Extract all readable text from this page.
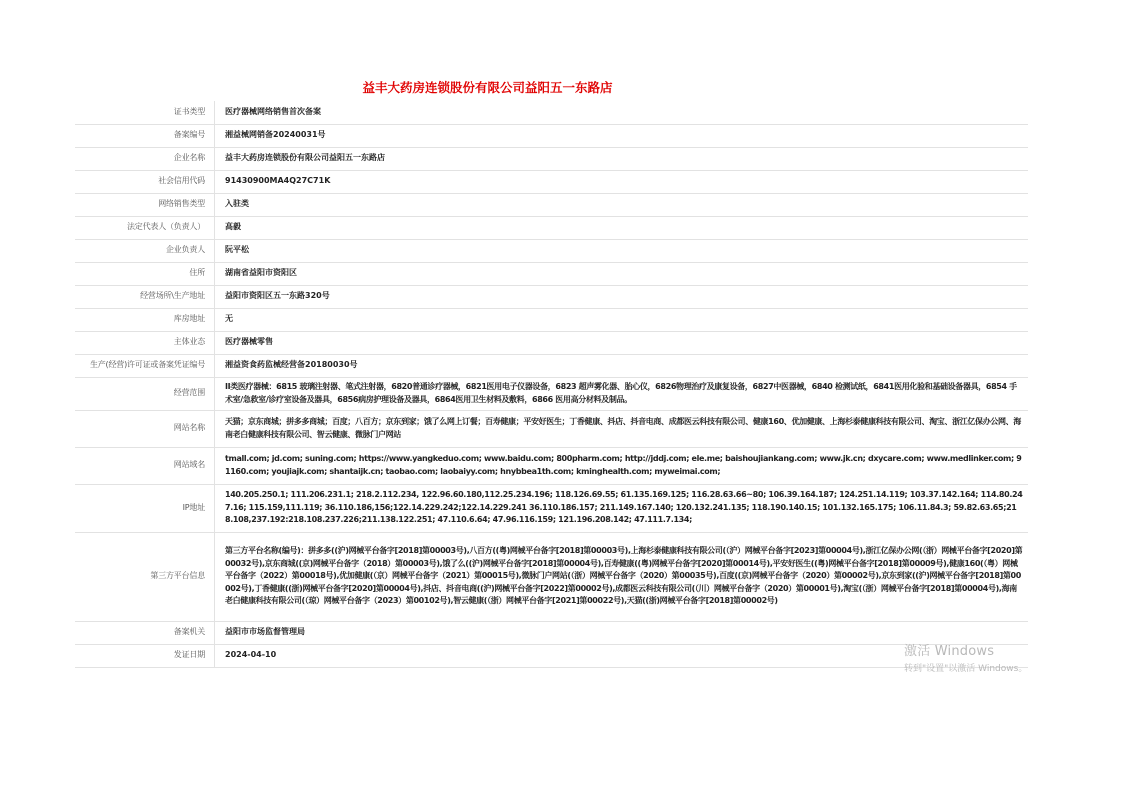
益丰大药房连锁股份有限公司益阳五一东路店
证书类型	医疗器械网络销售首次备案
备案编号	湘益械网销备20240031号
企业名称	益丰大药房连锁股份有限公司益阳五一东路店
社会信用代码	91430900MA4Q27C71K
网络销售类型	入驻类
法定代表人（负责人）	高毅
企业负责人	阮平松
住所	湖南省益阳市资阳区
经营场所\生产地址	益阳市资阳区五一东路320号
库房地址	无
主体业态	医疗器械零售
生产(经营)许可证或备案凭证编号	湘益资食药监械经营备20180030号
经营范围	II类医疗器械：6815 玻璃注射器、笔式注射器，6820普通诊疗器械，6821医用电子仪器设备，6823 超声雾化器、胎心仪，6826物理治疗及康复设备，6827中医器械，6840 检测试纸，6841医用化验和基础设备器具，6854 手术室/急救室/诊疗室设备及器具，6856病房护理设备及器具，6864医用卫生材料及敷料，6866 医用高分材料及制品。
网站名称	天猫；京东商城；拼多多商城；百度；八百方；京东到家；饿了么网上订餐；百寿健康；平安好医生；丁香健康、抖店、抖音电商、成都医云科技有限公司、健康160、优加健康、上海杉泰健康科技有限公司、淘宝、浙江亿保办公网、海南老白健康科技有限公司、智云健康、微脉门户网站
网站域名	tmall.com; jd.com; suning.com; https://www.yangkeduo.com; www.baidu.com; 800pharm.com; http://jddj.com; ele.me; baishoujiankang.com; www.jk.cn; dxycare.com; www.medlinker.com; 91160.com; youjiajk.com; shantaijk.cn; taobao.com; laobaiyy.com; hnybbea1th.com; kminghealth.com; myweimai.com;
IP地址	140.205.250.1; 111.206.231.1; 218.2.112.234, 122.96.60.180,112.25.234.196; 118.126.69.55; 61.135.169.125; 116.28.63.66~80; 106.39.164.187; 124.251.14.119; 103.37.142.164; 114.80.247.16; 115.159,111.119; 36.110.186,156;122.14.229.242;122.14.229.241 36.110.186.157; 211.149.167.140; 120.132.241.135; 118.190.140.15; 101.132.165.175; 106.11.84.3; 59.82.63.65;218.108,237.192:218.108.237.226;211.138.122.251; 47.110.6.64; 47.96.116.159; 121.196.208.142; 47.111.7.134;
第三方平台信息	第三方平台名称(编号)：拼多多((沪)网械平台备字[2018]第00003号),八百方((粤)网械平台备字[2018]第00003号),上海杉泰健康科技有限公司(（沪）网械平台备字[2023]第00004号),浙江亿保办公网(（浙）网械平台备字[2020]第00032号),京东商城((京)网械平台备字（2018）第00003号),饿了么((沪)网械平台备字[2018]第00004号),百寿健康((粤)网械平台备字[2020]第00014号),平安好医生((粤)网械平台备字[2018]第00009号),健康160(（粤）网械平台备字（2022）第00018号),优加健康(（京）网械平台备字（2021）第00015号),微脉门户网站(（浙）网械平台备字（2020）第00035号),百度((京)网械平台备字（2020）第00002号),京东到家((沪)网械平台备字[2018]第00002号),丁香健康((浙)网械平台备字[2020]第00004号),抖店、抖音电商((沪)网械平台备字[2022]第00002号),成都医云科技有限公司(（川）网械平台备字（2020）第00001号),淘宝(（浙）网械平台备字[2018]第00004号),海南老白健康科技有限公司(（琼）网械平台备字（2023）第00102号),智云健康(（浙）网械平台备字[2021]第00022号),天猫((浙)网械平台备字[2018]第00002号)
备案机关	益阳市市场监督管理局
发证日期	2024-04-10	激活 Windows
转到"设置"以激活 Windows。
